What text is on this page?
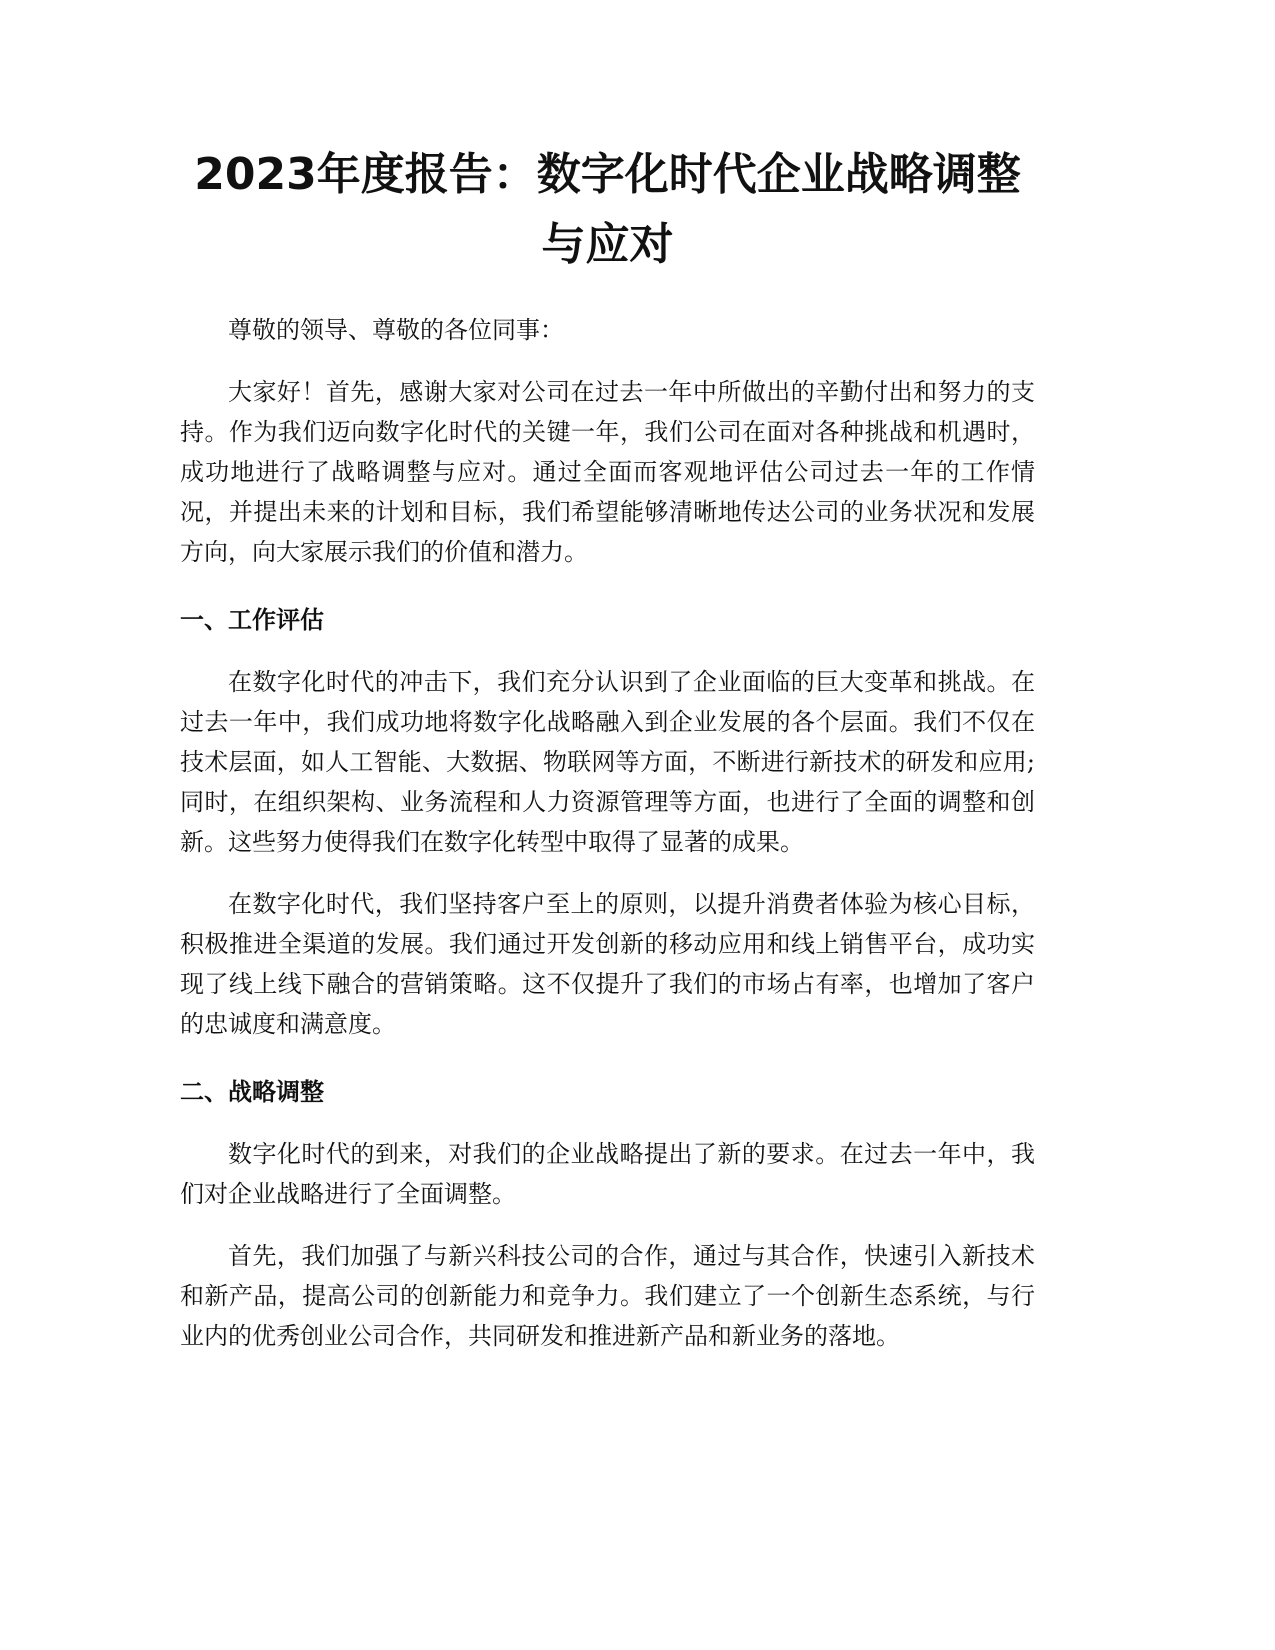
2023年度报告：数字化时代企业战略调整与应对

尊敬的领导、尊敬的各位同事：

大家好！首先，感谢大家对公司在过去一年中所做出的辛勤付出和努力的支持。作为我们迈向数字化时代的关键一年，我们公司在面对各种挑战和机遇时，成功地进行了战略调整与应对。通过全面而客观地评估公司过去一年的工作情况，并提出未来的计划和目标，我们希望能够清晰地传达公司的业务状况和发展方向，向大家展示我们的价值和潜力。

一、工作评估

在数字化时代的冲击下，我们充分认识到了企业面临的巨大变革和挑战。在过去一年中，我们成功地将数字化战略融入到企业发展的各个层面。我们不仅在技术层面，如人工智能、大数据、物联网等方面，不断进行新技术的研发和应用;同时，在组织架构、业务流程和人力资源管理等方面，也进行了全面的调整和创新。这些努力使得我们在数字化转型中取得了显著的成果。

在数字化时代，我们坚持客户至上的原则，以提升消费者体验为核心目标，积极推进全渠道的发展。我们通过开发创新的移动应用和线上销售平台，成功实现了线上线下融合的营销策略。这不仅提升了我们的市场占有率，也增加了客户的忠诚度和满意度。

二、战略调整

数字化时代的到来，对我们的企业战略提出了新的要求。在过去一年中，我们对企业战略进行了全面调整。

首先，我们加强了与新兴科技公司的合作，通过与其合作，快速引入新技术和新产品，提高公司的创新能力和竞争力。我们建立了一个创新生态系统，与行业内的优秀创业公司合作，共同研发和推进新产品和新业务的落地。
